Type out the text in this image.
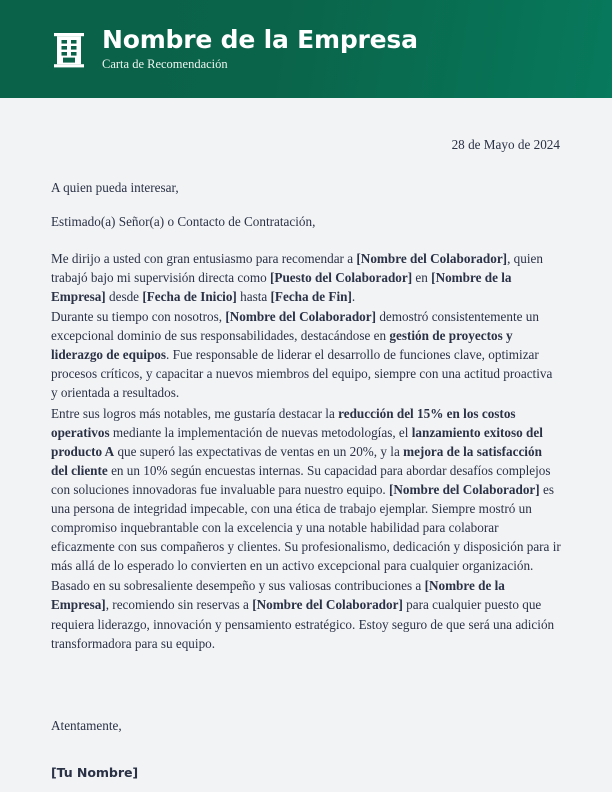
Nombre de la Empresa
Carta de Recomendación
28 de Mayo de 2024

A quien pueda interesar,

Estimado(a) Señor(a) o Contacto de Contratación,

Me dirijo a usted con gran entusiasmo para recomendar a [Nombre del Colaborador], quien trabajó bajo mi supervisión directa como [Puesto del Colaborador] en [Nombre de la Empresa] desde [Fecha de Inicio] hasta [Fecha de Fin].

Durante su tiempo con nosotros, [Nombre del Colaborador] demostró consistentemente un excepcional dominio de sus responsabilidades, destacándose en gestión de proyectos y liderazgo de equipos. Fue responsable de liderar el desarrollo de funciones clave, optimizar procesos críticos, y capacitar a nuevos miembros del equipo, siempre con una actitud proactiva y orientada a resultados.

Entre sus logros más notables, me gustaría destacar la reducción del 15% en los costos operativos mediante la implementación de nuevas metodologías, el lanzamiento exitoso del producto A que superó las expectativas de ventas en un 20%, y la mejora de la satisfacción del cliente en un 10% según encuestas internas. Su capacidad para abordar desafíos complejos con soluciones innovadoras fue invaluable para nuestro equipo. [Nombre del Colaborador] es una persona de integridad impecable, con una ética de trabajo ejemplar. Siempre mostró un compromiso inquebrantable con la excelencia y una notable habilidad para colaborar eficazmente con sus compañeros y clientes. Su profesionalismo, dedicación y disposición para ir más allá de lo esperado lo convierten en un activo excepcional para cualquier organización.

Basado en su sobresaliente desempeño y sus valiosas contribuciones a [Nombre de la Empresa], recomiendo sin reservas a [Nombre del Colaborador] para cualquier puesto que requiera liderazgo, innovación y pensamiento estratégico. Estoy seguro de que será una adición transformadora para su equipo.

Atentamente,

[Tu Nombre]
